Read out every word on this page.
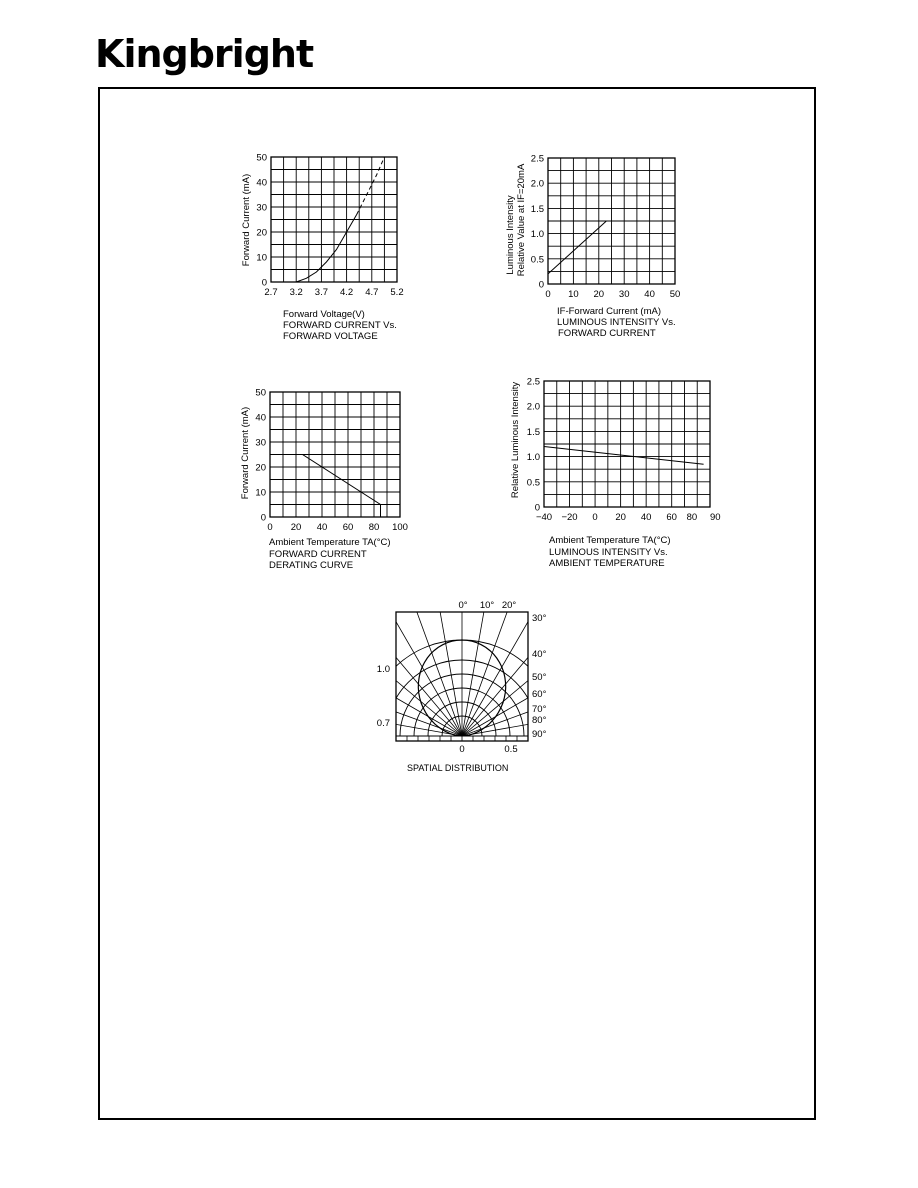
Kingbright
0
10
20
30
40
50
2.7 3.2 3.7 4.2 4.7 5.2
Forward Current (mA)
Forward Voltage(V)
FORWARD CURRENT Vs.
FORWARD VOLTAGE
0
0.5
1.0
1.5
2.0
2.5
0 10 20 30 40 50
Luminous Intensity Relative Value at IF=20mA
IF-Forward Current (mA)
LUMINOUS INTENSITY Vs.
FORWARD CURRENT
0
10
20
30
40
50
0 20 40 60 80 100
Forward Current (mA)
Ambient Temperature TA(°C)
FORWARD CURRENT
DERATING CURVE
0
0.5
1.0
1.5
2.0
2.5
−40 −20 0 20 40 60 80 90
Relative Luminous Intensity
Ambient Temperature TA(°C)
LUMINOUS INTENSITY Vs.
AMBIENT TEMPERATURE
0° 10° 20°
30°
40°
50°
60°
70°
80°
90°
1.0
0.7
0	0.5
SPATIAL DISTRIBUTION
